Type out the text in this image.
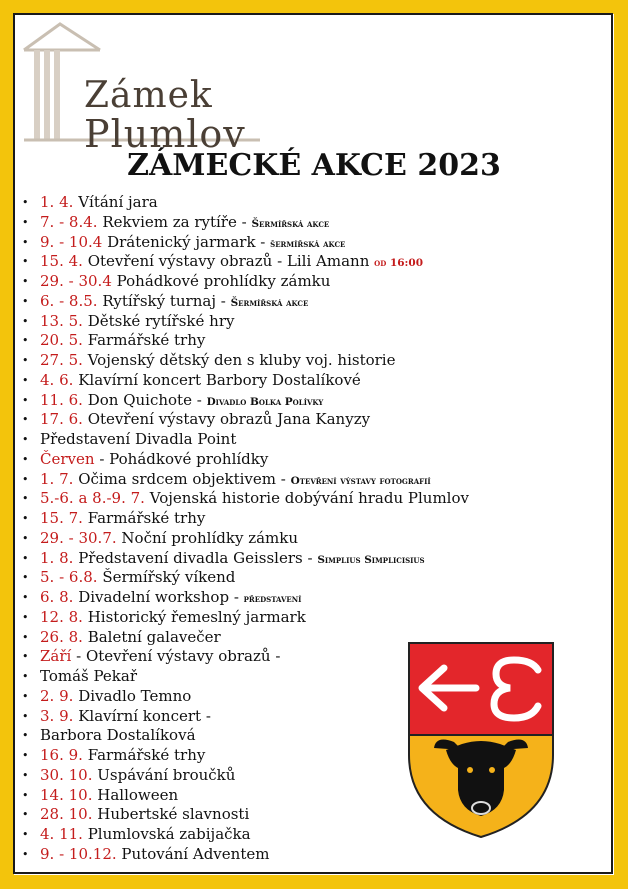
Zámek
Plumlov
ZÁMECKÉ AKCE 2023
• 1. 4. Vítání jara
• 7. - 8.4. Rekviem za rytíře - Šermířská akce
• 9. - 10.4 Drátenický jarmark - šermířská akce
• 15. 4. Otevření výstavy obrazů - Lili Amann od 16:00
• 29. - 30.4 Pohádkové prohlídky zámku
• 6. - 8.5. Rytířský turnaj - Šermířská akce
• 13. 5. Dětské rytířské hry
• 20. 5. Farmářské trhy
• 27. 5. Vojenský dětský den s kluby voj. historie
• 4. 6. Klavírní koncert Barbory Dostalíkové
• 11. 6. Don Quichote - Divadlo Bolka Polívky
• 17. 6. Otevření výstavy obrazů Jana Kanyzy
• Představení Divadla Point
• Červen - Pohádkové prohlídky
• 1. 7. Očima srdcem objektivem - Otevření výstavy fotografií
• 5.-6. a 8.-9. 7. Vojenská historie dobývání hradu Plumlov
• 15. 7. Farmářské trhy
• 29. - 30.7. Noční prohlídky zámku
• 1. 8. Představení divadla Geisslers - Simplius Simplicisius
• 5. - 6.8. Šermířský víkend
• 6. 8. Divadelní workshop - představení
• 12. 8. Historický řemeslný jarmark
• 26. 8. Baletní galavečer
• Září - Otevření výstavy obrazů -
• Tomáš Pekař
• 2. 9. Divadlo Temno
• 3. 9. Klavírní koncert -
• Barbora Dostalíková
• 16. 9. Farmářské trhy
• 30. 10. Uspávání broučků
• 14. 10. Halloween
• 28. 10. Hubertské slavnosti
• 4. 11. Plumlovská zabijačka
• 9. - 10.12. Putování Adventem
